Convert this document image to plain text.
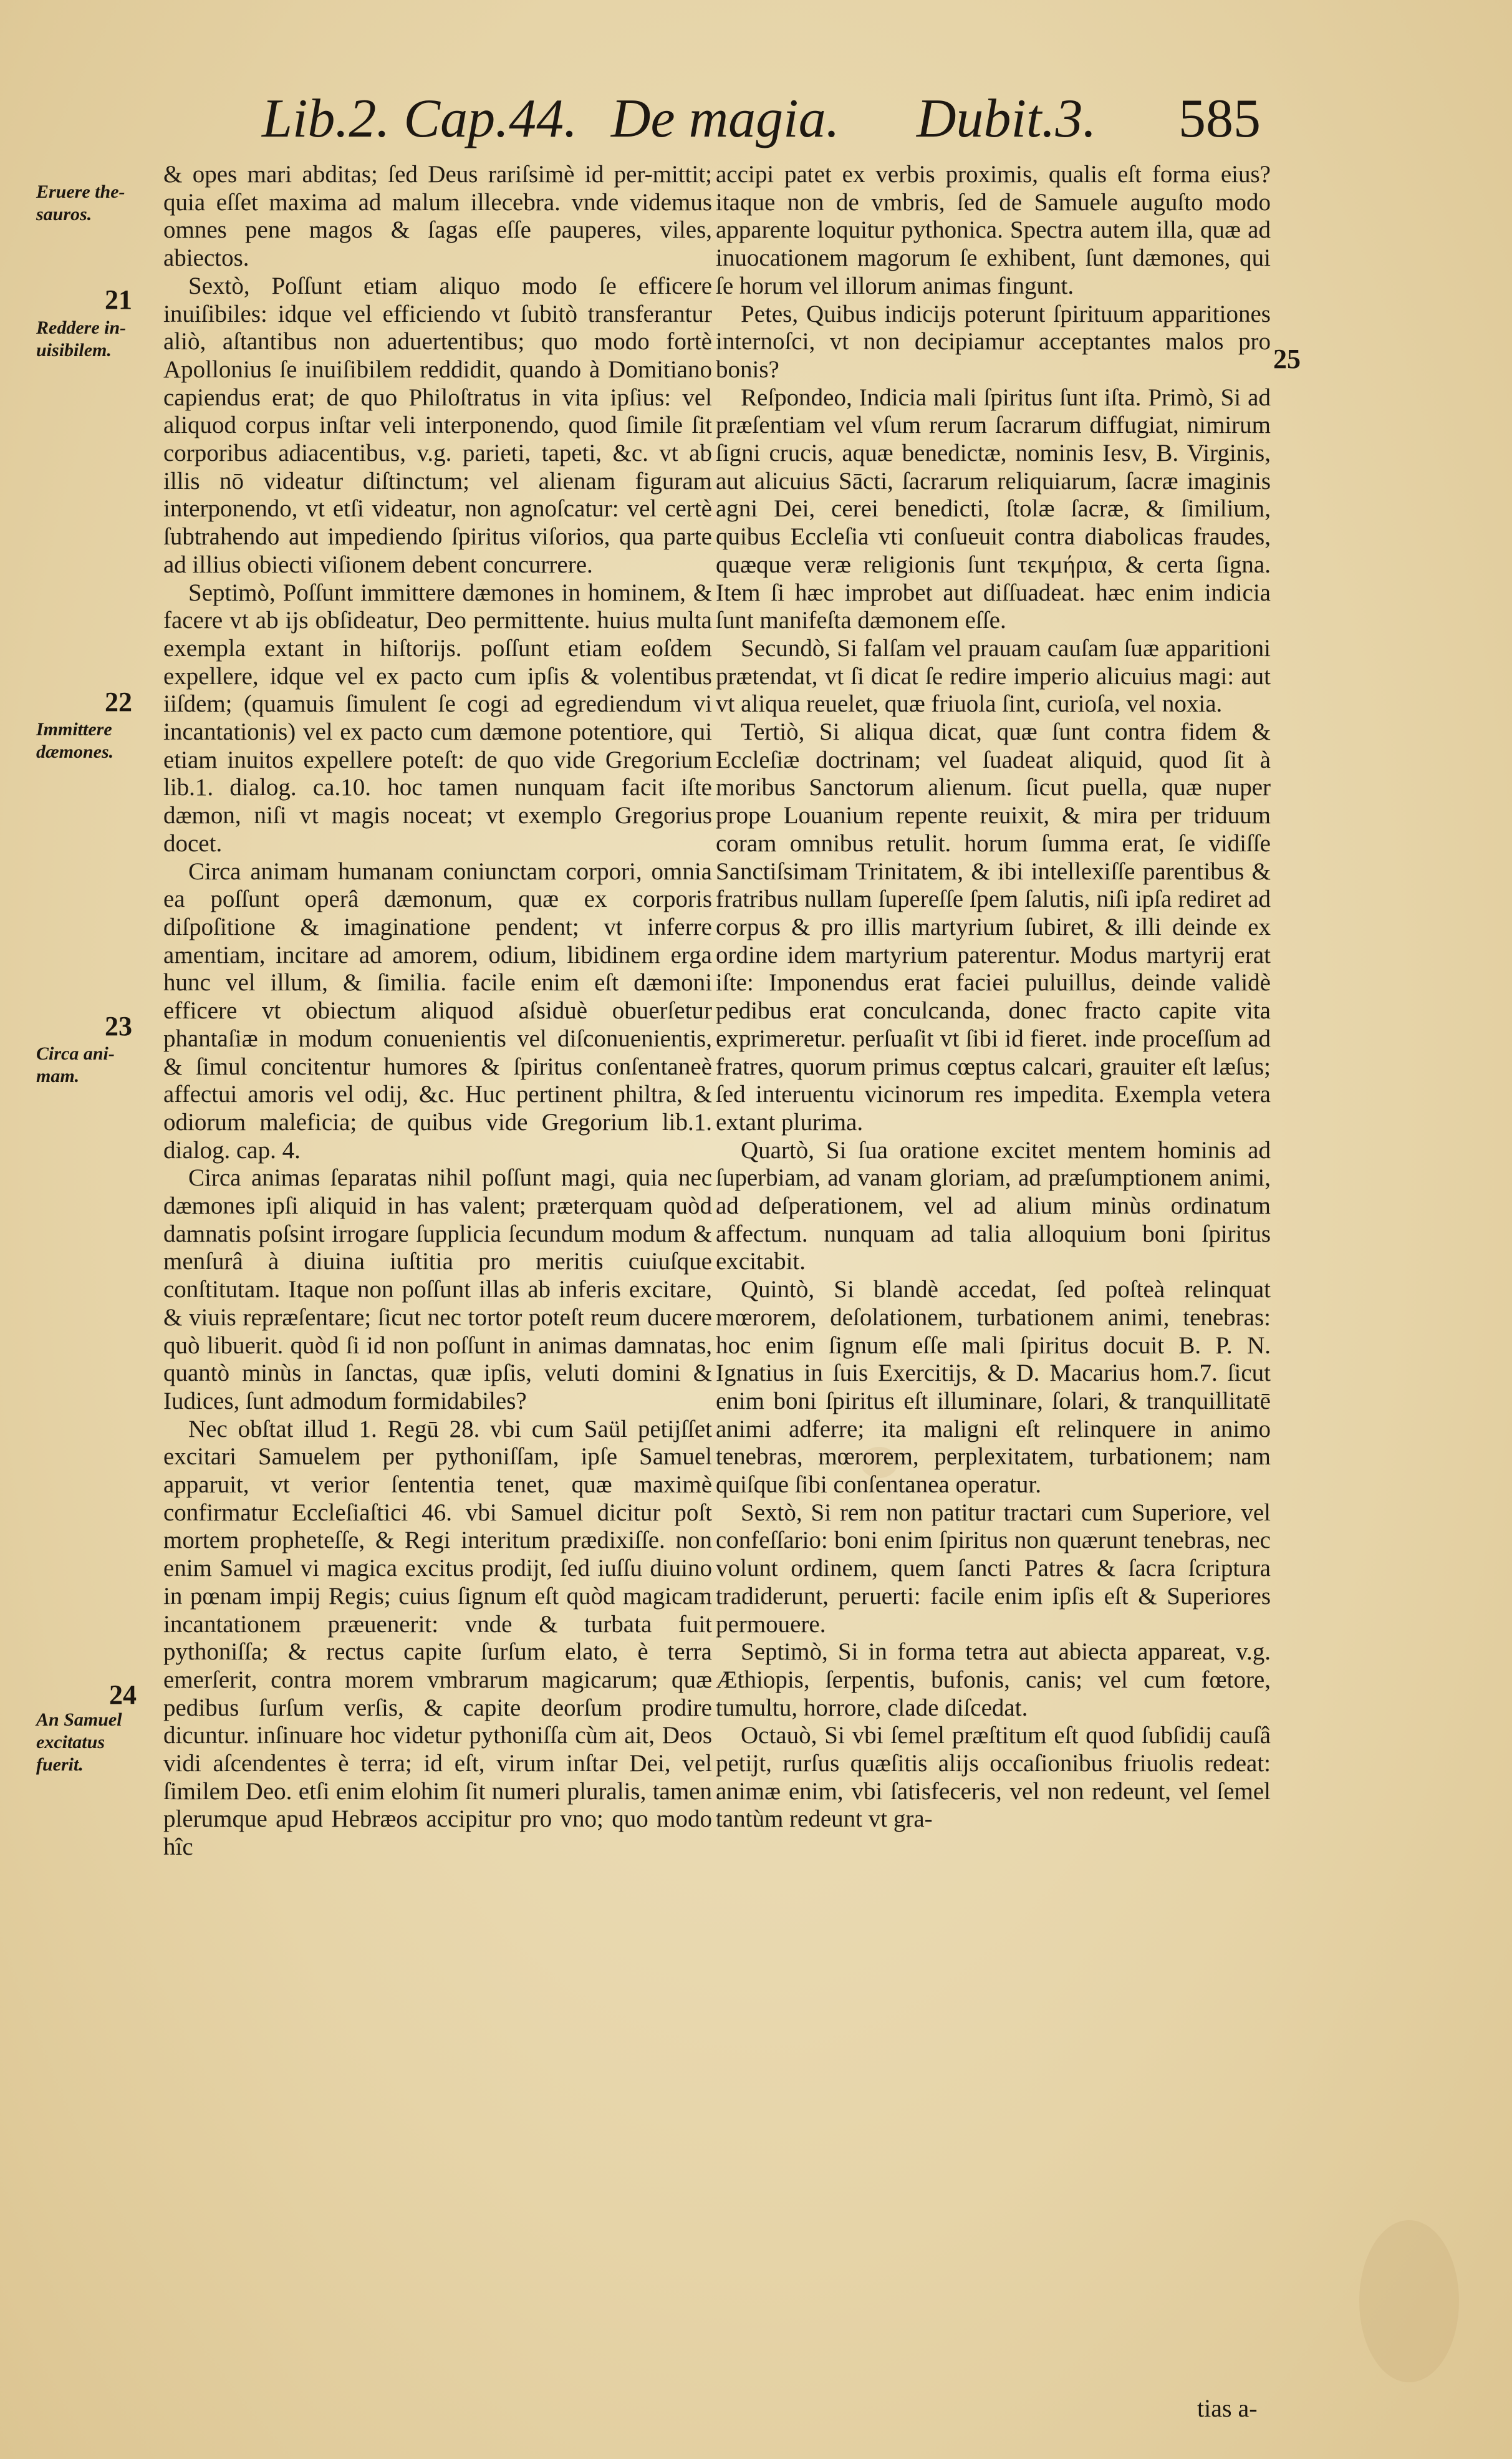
Lib.2. Cap.44. De magia. Dubit.3. 585
Eruere the-sauros.
21
Reddere in-uisibilem.
22
Immittere dæmones.
23
Circa ani-mam.
24
An Samuel excitatus fuerit.
25

& opes mari abditas; ſed Deus rariſsimè id per-mittit; quia eſſet maxima ad malum illecebra. vnde videmus omnes pene magos & ſagas eſſe pauperes, viles, abiectos.

Sextò, Poſſunt etiam aliquo modo ſe efficere inuiſibiles: idque vel efficiendo vt ſubitò transferantur aliò, aſtantibus non aduertentibus; quo modo fortè Apollonius ſe inuiſibilem reddidit, quando à Domitiano capiendus erat; de quo Philoſtratus in vita ipſius: vel aliquod corpus inſtar veli interponendo, quod ſimile ſit corporibus adiacentibus, v.g. parieti, tapeti, &c. vt ab illis nō videatur diſtinctum; vel alienam figuram interponendo, vt etſi videatur, non agnoſcatur: vel certè ſubtrahendo aut impediendo ſpiritus viſorios, qua parte ad illius obiecti viſionem debent concurrere.

Septimò, Poſſunt immittere dæmones in hominem, & facere vt ab ijs obſideatur, Deo permittente. huius multa exempla extant in hiſtorijs. poſſunt etiam eoſdem expellere, idque vel ex pacto cum ipſis & volentibus iiſdem; (quamuis ſimulent ſe cogi ad egrediendum vi incantationis) vel ex pacto cum dæmone potentiore, qui etiam inuitos expellere poteſt: de quo vide Gregorium lib.1. dialog. ca.10. hoc tamen nunquam facit iſte dæmon, niſi vt magis noceat; vt exemplo Gregorius docet.

Circa animam humanam coniunctam corpori, omnia ea poſſunt operâ dæmonum, quæ ex corporis diſpoſitione & imaginatione pendent; vt inferre amentiam, incitare ad amorem, odium, libidinem erga hunc vel illum, & ſimilia. facile enim eſt dæmoni efficere vt obiectum aliquod aſsiduè obuerſetur phantaſiæ in modum conuenientis vel diſconuenientis, & ſimul concitentur humores & ſpiritus conſentaneè affectui amoris vel odij, &c. Huc pertinent philtra, & odiorum maleficia; de quibus vide Gregorium lib.1. dialog. cap. 4.

Circa animas ſeparatas nihil poſſunt magi, quia nec dæmones ipſi aliquid in has valent; præterquam quòd damnatis poſsint irrogare ſupplicia ſecundum modum & menſurâ à diuina iuſtitia pro meritis cuiuſque conſtitutam. Itaque non poſſunt illas ab inferis excitare, & viuis repræſentare; ſicut nec tortor poteſt reum ducere quò libuerit. quòd ſi id non poſſunt in animas damnatas, quantò minùs in ſanctas, quæ ipſis, veluti domini & Iudices, ſunt admodum formidabiles?

Nec obſtat illud 1. Regū 28. vbi cum Saül petijſſet excitari Samuelem per pythoniſſam, ipſe Samuel apparuit, vt verior ſententia tenet, quæ maximè confirmatur Eccleſiaſtici 46. vbi Samuel dicitur poſt mortem propheteſſe, & Regi interitum prædixiſſe. non enim Samuel vi magica excitus prodijt, ſed iuſſu diuino in pœnam impij Regis; cuius ſignum eſt quòd magicam incantationem præuenerit: vnde & turbata fuit pythoniſſa; & rectus capite ſurſum elato, è terra emerſerit, contra morem vmbrarum magicarum; quæ pedibus ſurſum verſis, & capite deorſum prodire dicuntur. inſinuare hoc videtur pythoniſſa cùm ait, Deos vidi aſcendentes è terra; id eſt, virum inſtar Dei, vel ſimilem Deo. etſi enim elohim ſit numeri pluralis, tamen plerumque apud Hebræos accipitur pro vno; quo modo hîc

accipi patet ex verbis proximis, qualis eſt forma eius? itaque non de vmbris, ſed de Samuele auguſto modo apparente loquitur pythonica. Spectra autem illa, quæ ad inuocationem magorum ſe exhibent, ſunt dæmones, qui ſe horum vel illorum animas fingunt.

Petes, Quibus indicijs poterunt ſpirituum apparitiones internoſci, vt non decipiamur acceptantes malos pro bonis?

Reſpondeo, Indicia mali ſpiritus ſunt iſta. Primò, Si ad præſentiam vel vſum rerum ſacrarum diffugiat, nimirum ſigni crucis, aquæ benedictæ, nominis Iesv, B. Virginis, aut alicuius Sācti, ſacrarum reliquiarum, ſacræ imaginis agni Dei, cerei benedicti, ſtolæ ſacræ, & ſimilium, quibus Eccleſia vti conſueuit contra diabolicas fraudes, quæque veræ religionis ſunt τεκμήρια, & certa ſigna. Item ſi hæc improbet aut diſſuadeat. hæc enim indicia ſunt manifeſta dæmonem eſſe.

Secundò, Si falſam vel prauam cauſam ſuæ apparitioni prætendat, vt ſi dicat ſe redire imperio alicuius magi: aut vt aliqua reuelet, quæ friuola ſint, curioſa, vel noxia.

Tertiò, Si aliqua dicat, quæ ſunt contra fidem & Eccleſiæ doctrinam; vel ſuadeat aliquid, quod ſit à moribus Sanctorum alienum. ſicut puella, quæ nuper prope Louanium repente reuixit, & mira per triduum coram omnibus retulit. horum ſumma erat, ſe vidiſſe Sanctiſsimam Trinitatem, & ibi intellexiſſe parentibus & fratribus nullam ſupereſſe ſpem ſalutis, niſi ipſa rediret ad corpus & pro illis martyrium ſubiret, & illi deinde ex ordine idem martyrium paterentur. Modus martyrij erat iſte: Imponendus erat faciei puluillus, deinde validè pedibus erat conculcanda, donec fracto capite vita exprimeretur. perſuaſit vt ſibi id fieret. inde proceſſum ad fratres, quorum primus cœptus calcari, grauiter eſt læſus; ſed interuentu vicinorum res impedita. Exempla vetera extant plurima.

Quartò, Si ſua oratione excitet mentem hominis ad ſuperbiam, ad vanam gloriam, ad præſumptionem animi, ad deſperationem, vel ad alium minùs ordinatum affectum. nunquam ad talia alloquium boni ſpiritus excitabit.

Quintò, Si blandè accedat, ſed poſteà relinquat mœrorem, deſolationem, turbationem animi, tenebras: hoc enim ſignum eſſe mali ſpiritus docuit B. P. N. Ignatius in ſuis Exercitijs, & D. Macarius hom.7. ſicut enim boni ſpiritus eſt illuminare, ſolari, & tranquillitatē animi adferre; ita maligni eſt relinquere in animo tenebras, mœrorem, perplexitatem, turbationem; nam quiſque ſibi conſentanea operatur.

Sextò, Si rem non patitur tractari cum Superiore, vel confeſſario: boni enim ſpiritus non quærunt tenebras, nec volunt ordinem, quem ſancti Patres & ſacra ſcriptura tradiderunt, peruerti: facile enim ipſis eſt & Superiores permouere.

Septimò, Si in forma tetra aut abiecta appareat, v.g. Æthiopis, ſerpentis, bufonis, canis; vel cum fœtore, tumultu, horrore, clade diſcedat.

Octauò, Si vbi ſemel præſtitum eſt quod ſubſidij cauſâ petijt, rurſus quæſitis alijs occaſionibus friuolis redeat: animæ enim, vbi ſatisfeceris, vel non redeunt, vel ſemel tantùm redeunt vt gra-

tias a-
